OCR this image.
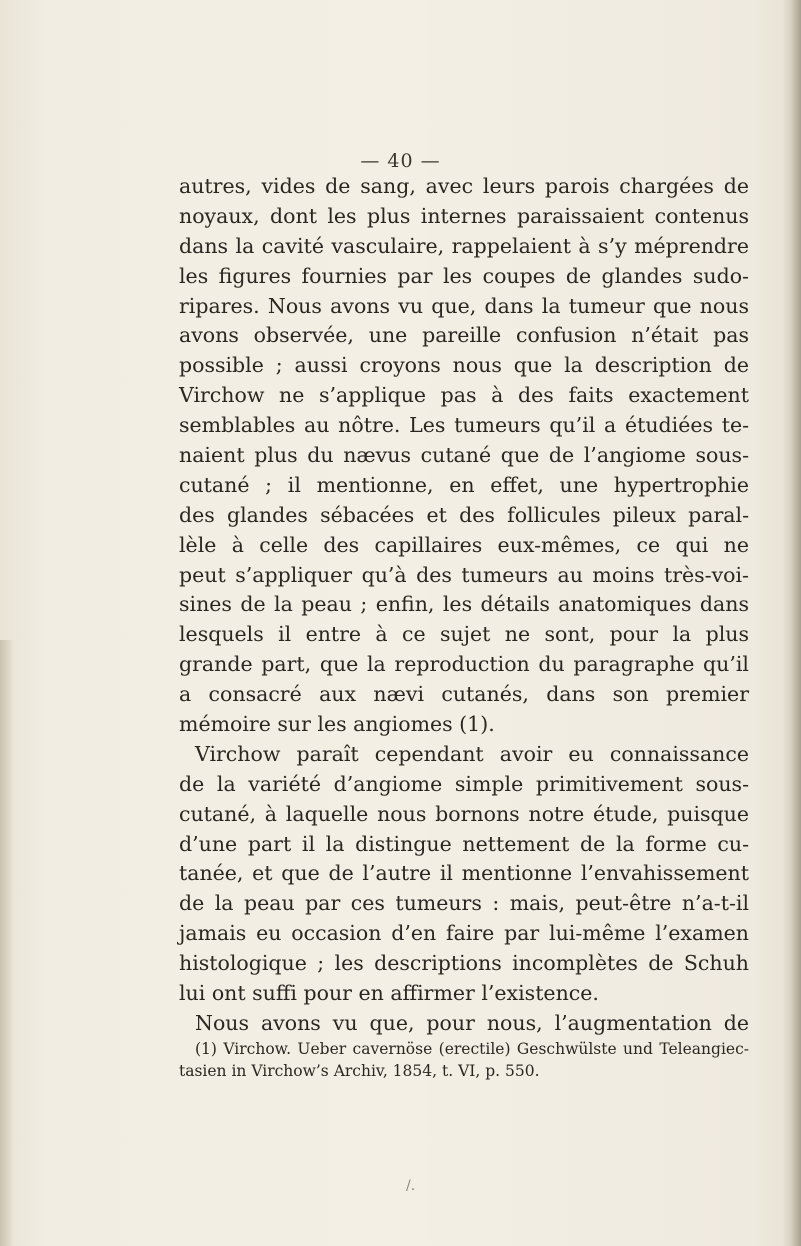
— 40 —
autres, vides de sang, avec leurs parois chargées de
noyaux, dont les plus internes paraissaient contenus
dans la cavité vasculaire, rappelaient à s’y méprendre
les figures fournies par les coupes de glandes sudo-
ripares. Nous avons vu que, dans la tumeur que nous
avons observée, une pareille confusion n’était pas
possible ; aussi croyons nous que la description de
Virchow ne s’applique pas à des faits exactement
semblables au nôtre. Les tumeurs qu’il a étudiées te-
naient plus du nævus cutané que de l’angiome sous-
cutané ; il mentionne, en effet, une hypertrophie
des glandes sébacées et des follicules pileux paral-
lèle à celle des capillaires eux-mêmes, ce qui ne
peut s’appliquer qu’à des tumeurs au moins très-voi-
sines de la peau ; enfin, les détails anatomiques dans
lesquels il entre à ce sujet ne sont, pour la plus
grande part, que la reproduction du paragraphe qu’il
a consacré aux nævi cutanés, dans son premier
mémoire sur les angiomes (1).
Virchow paraît cependant avoir eu connaissance
de la variété d’angiome simple primitivement sous-
cutané, à laquelle nous bornons notre étude, puisque
d’une part il la distingue nettement de la forme cu-
tanée, et que de l’autre il mentionne l’envahissement
de la peau par ces tumeurs : mais, peut-être n’a-t-il
jamais eu occasion d’en faire par lui-même l’examen
histologique ; les descriptions incomplètes de Schuh
lui ont suffi pour en affirmer l’existence.
Nous avons vu que, pour nous, l’augmentation de
(1) Virchow. Ueber cavernöse (erectile) Geschwülste und Teleangiec-
tasien in Virchow’s Archiv, 1854, t. VI, p. 550.
/.
